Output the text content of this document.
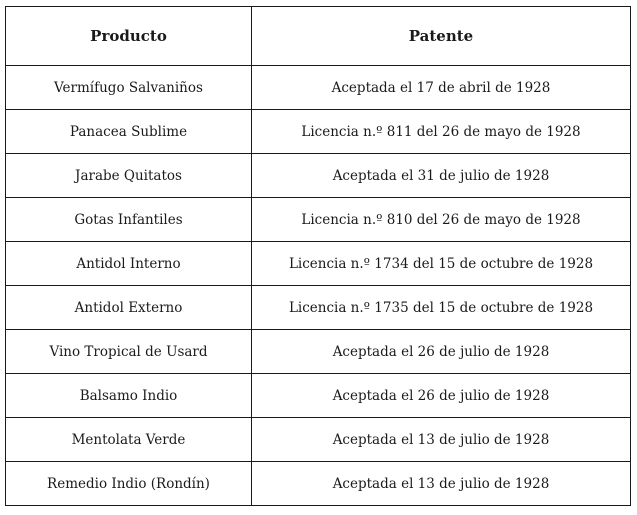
Producto	Patente
Vermífugo Salvaniños	Aceptada el 17 de abril de 1928
Panacea Sublime	Licencia n.º 811 del 26 de mayo de 1928
Jarabe Quitatos	Aceptada el 31 de julio de 1928
Gotas Infantiles	Licencia n.º 810 del 26 de mayo de 1928
Antidol Interno	Licencia n.º 1734 del 15 de octubre de 1928
Antidol Externo	Licencia n.º 1735 del 15 de octubre de 1928
Vino Tropical de Usard	Aceptada el 26 de julio de 1928
Balsamo Indio	Aceptada el 26 de julio de 1928
Mentolata Verde	Aceptada el 13 de julio de 1928
Remedio Indio (Rondín)	Aceptada el 13 de julio de 1928
